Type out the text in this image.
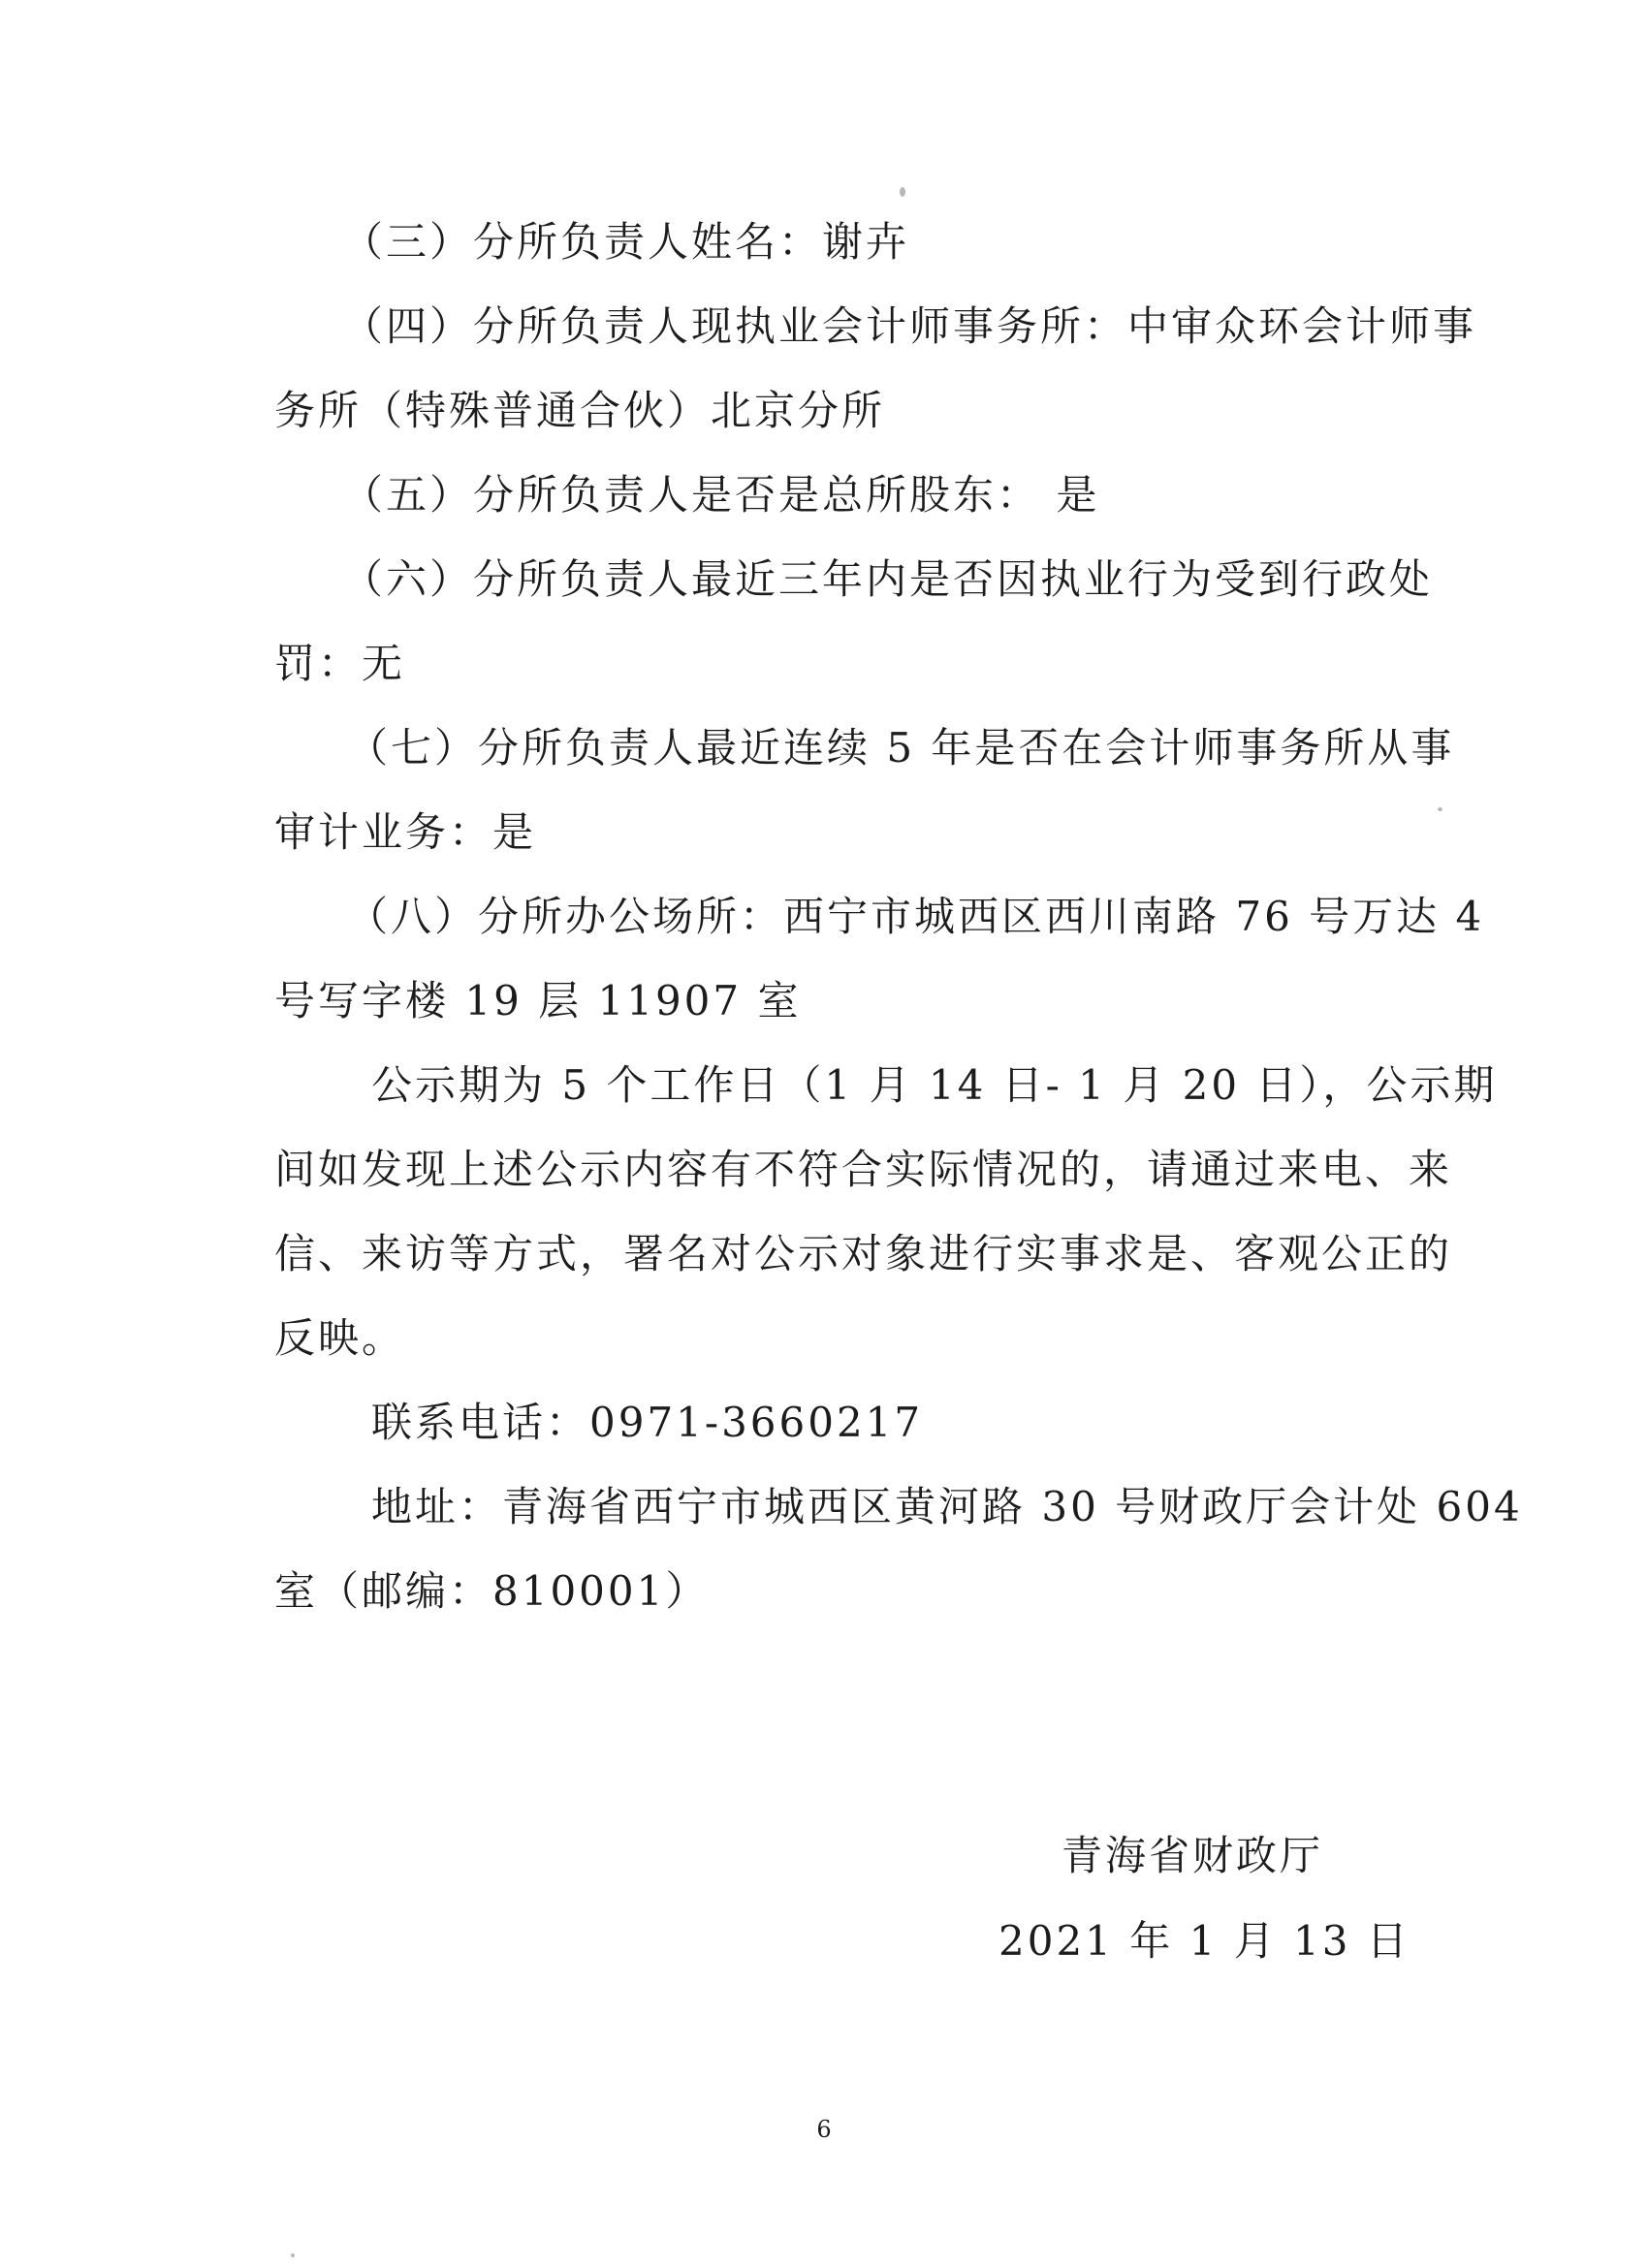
（三）分所负责人姓名：谢卉
（四）分所负责人现执业会计师事务所：中审众环会计师事
务所（特殊普通合伙）北京分所
（五）分所负责人是否是总所股东： 是
（六）分所负责人最近三年内是否因执业行为受到行政处
罚：无
（七）分所负责人最近连续 5 年是否在会计师事务所从事
审计业务：是
（八）分所办公场所：西宁市城西区西川南路 76 号万达 4
号写字楼 19 层 11907 室
公示期为 5 个工作日（1 月 14 日- 1 月 20 日），公示期
间如发现上述公示内容有不符合实际情况的，请通过来电、来
信、来访等方式，署名对公示对象进行实事求是、客观公正的
反映。
联系电话：0971-3660217
地址：青海省西宁市城西区黄河路 30 号财政厅会计处 604
室（邮编：810001）
青海省财政厅
2021 年 1 月 13 日
6
